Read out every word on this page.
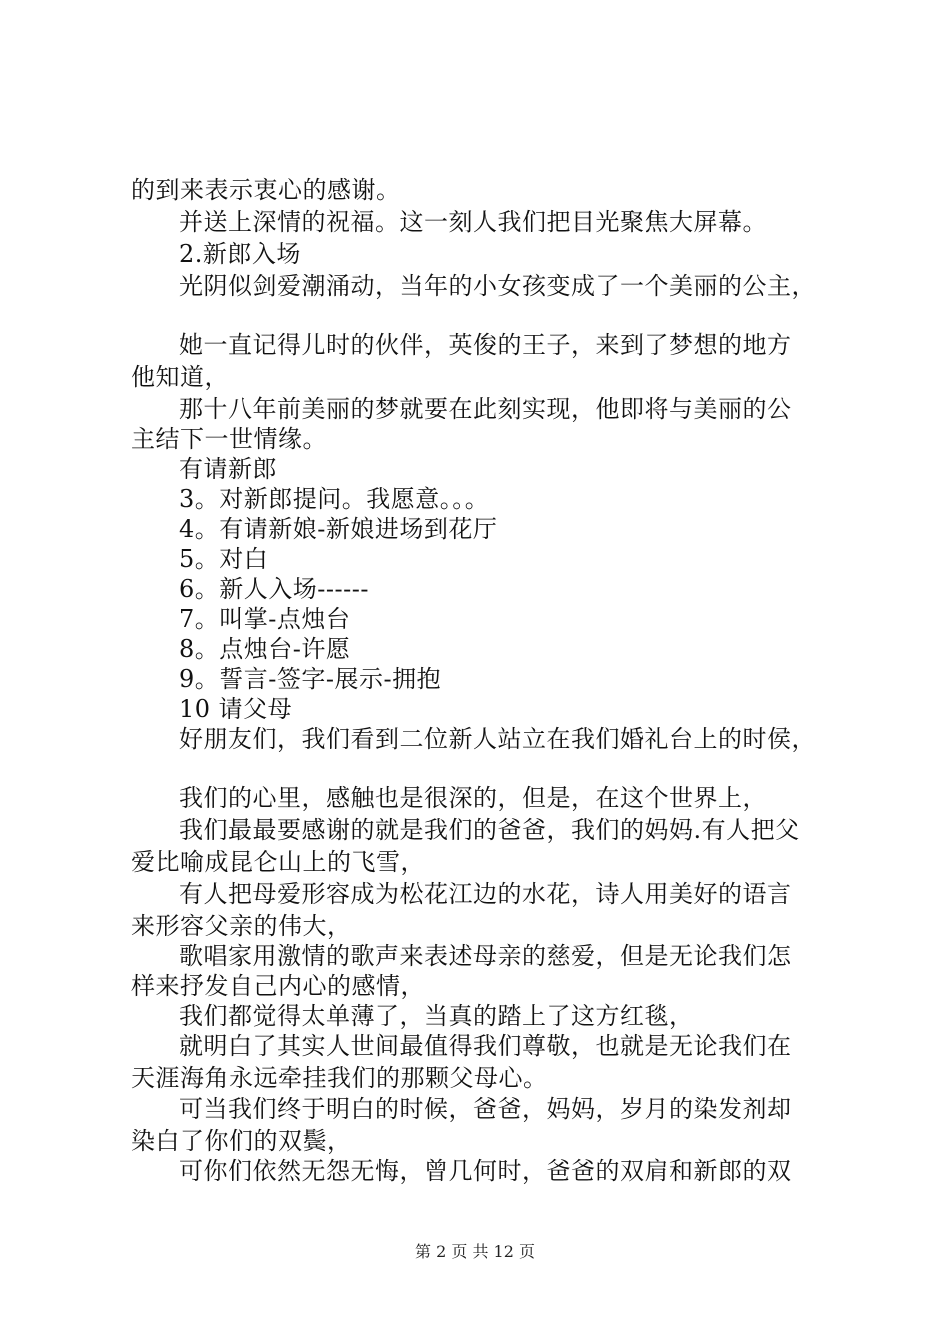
的到来表示衷心的感谢。
并送上深情的祝福。这一刻人我们把目光聚焦大屏幕。
2.新郎入场
光阴似剑爱潮涌动，当年的小女孩变成了一个美丽的公主，
她一直记得儿时的伙伴，英俊的王子，来到了梦想的地方
他知道，
那十八年前美丽的梦就要在此刻实现，他即将与美丽的公
主结下一世情缘。
有请新郎
3。对新郎提问。我愿意。。。
4。有请新娘-新娘进场到花厅
5。对白
6。新人入场------
7。叫掌-点烛台
8。点烛台-许愿
9。誓言-签字-展示-拥抱
10 请父母
好朋友们，我们看到二位新人站立在我们婚礼台上的时侯，
我们的心里，感触也是很深的，但是，在这个世界上，
我们最最要感谢的就是我们的爸爸，我们的妈妈.有人把父
爱比喻成昆仑山上的飞雪，
有人把母爱形容成为松花江边的水花，诗人用美好的语言
来形容父亲的伟大，
歌唱家用激情的歌声来表述母亲的慈爱，但是无论我们怎
样来抒发自己内心的感情，
我们都觉得太单薄了，当真的踏上了这方红毯，
就明白了其实人世间最值得我们尊敬，也就是无论我们在
天涯海角永远牵挂我们的那颗父母心。
可当我们终于明白的时候，爸爸，妈妈，岁月的染发剂却
染白了你们的双鬓，
可你们依然无怨无悔，曾几何时，爸爸的双肩和新郎的双
第 2 页 共 12 页
